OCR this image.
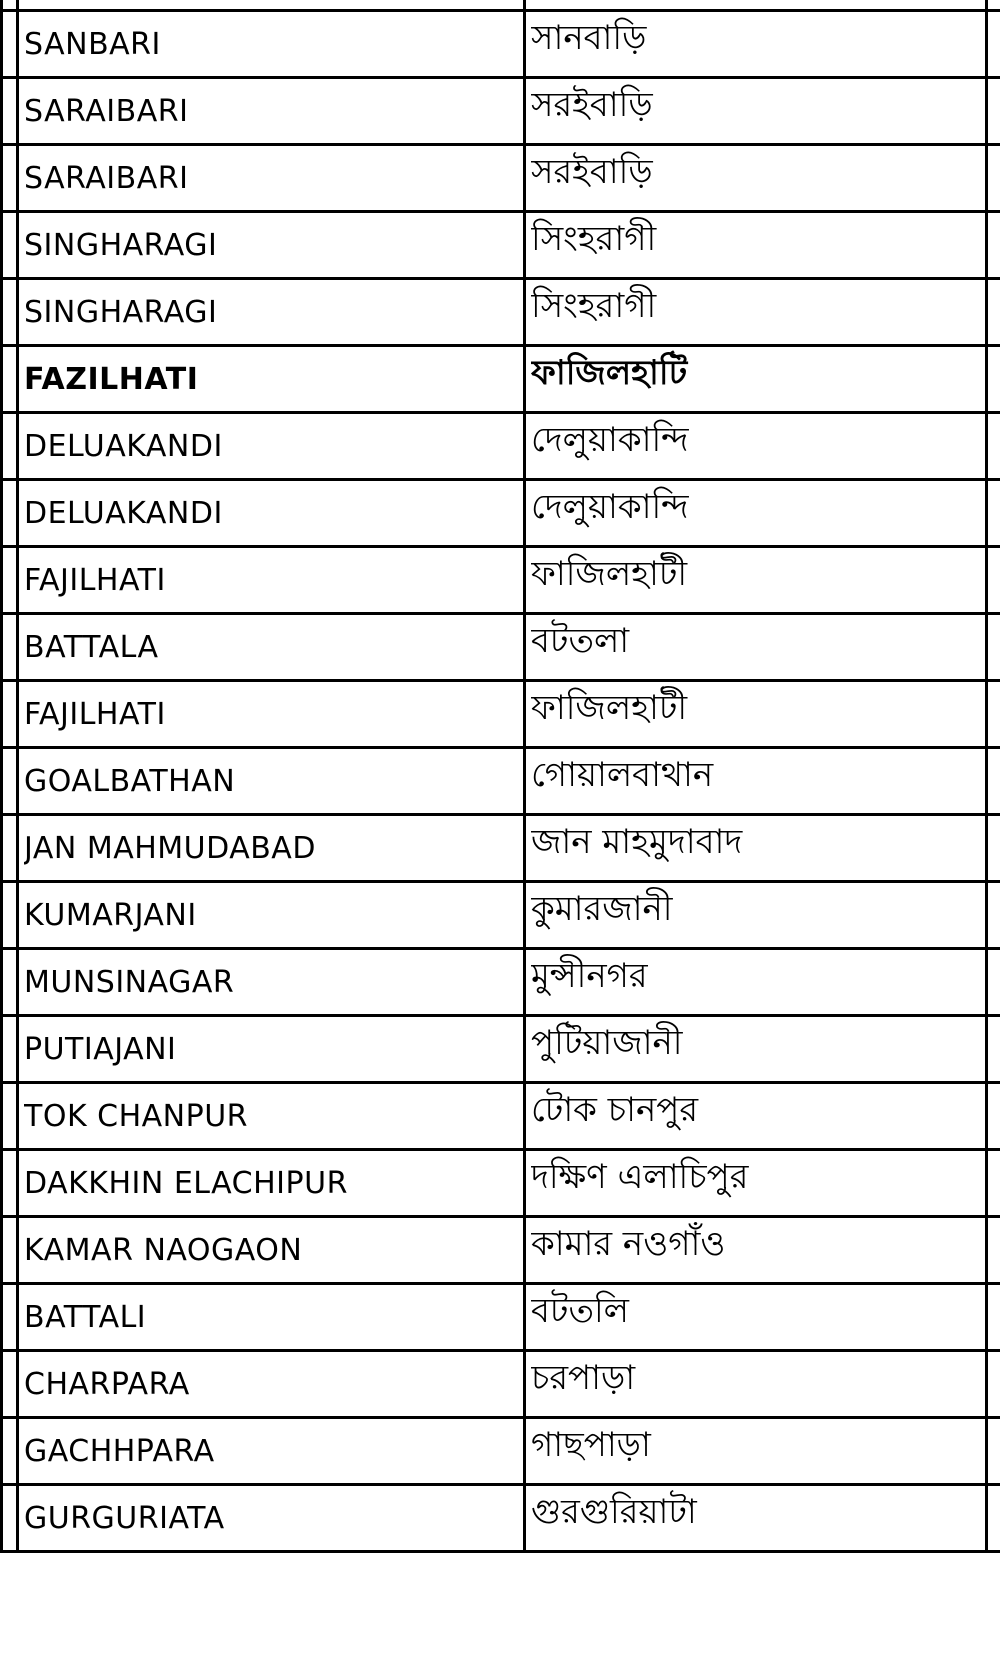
SANBARI	সানবাড়ি
SARAIBARI	সরইবাড়ি
SARAIBARI	সরইবাড়ি
SINGHARAGI	সিংহরাগী
SINGHARAGI	সিংহরাগী
FAZILHATI	ফাজিলহাটি
DELUAKANDI	দেলুয়াকান্দি
DELUAKANDI	দেলুয়াকান্দি
FAJILHATI	ফাজিলহাটী
BATTALA	বটতলা
FAJILHATI	ফাজিলহাটী
GOALBATHAN	গোয়ালবাথান
JAN MAHMUDABAD	জান মাহমুদাবাদ
KUMARJANI	কুমারজানী
MUNSINAGAR	মুন্সীনগর
PUTIAJANI	পুটিয়াজানী
TOK CHANPUR	টোক চানপুর
DAKKHIN ELACHIPUR	দক্ষিণ এলাচিপুর
KAMAR NAOGAON	কামার নওগাঁও
BATTALI	বটতলি
CHARPARA	চরপাড়া
GACHHPARA	গাছপাড়া
GURGURIATA	গুরগুরিয়াটা
